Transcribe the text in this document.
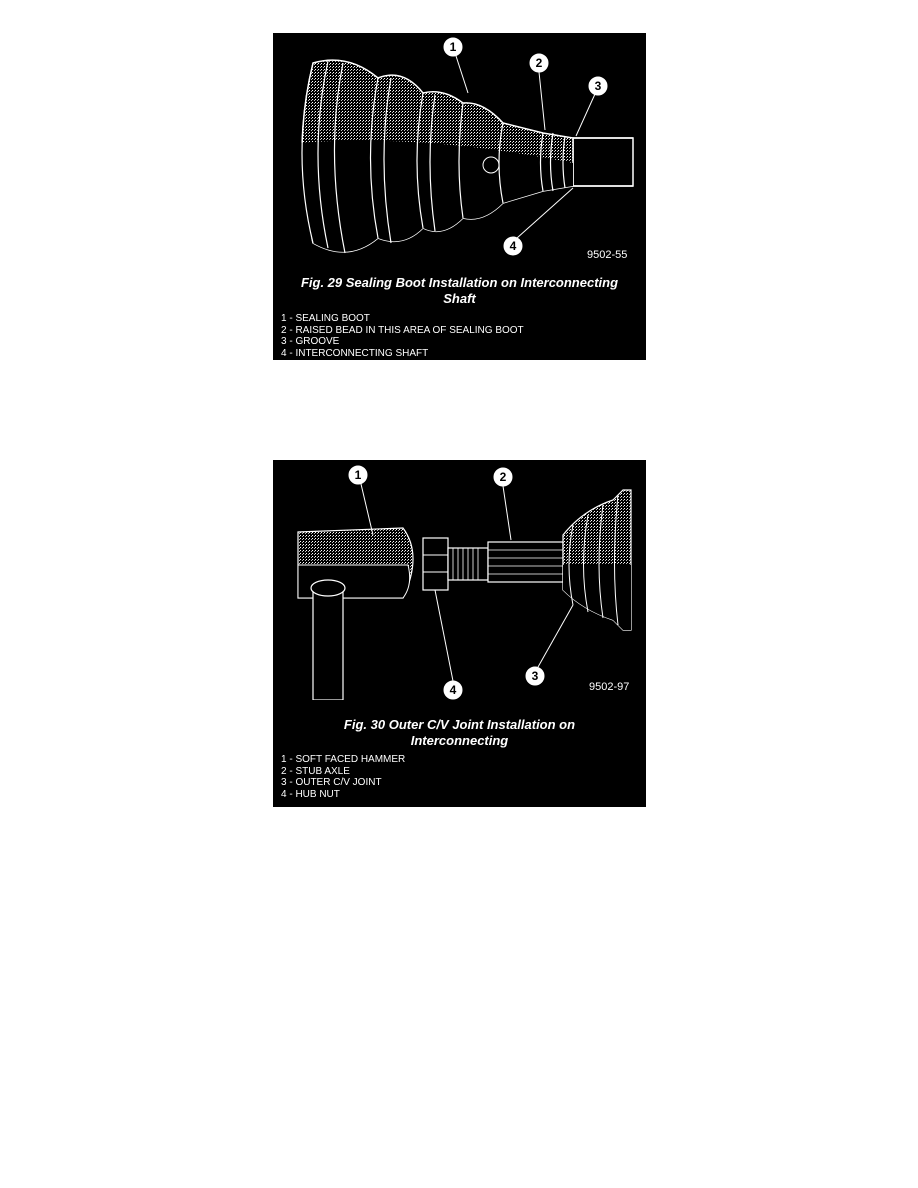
1
2
3
4
9502-55
Fig. 29 Sealing Boot Installation on Interconnecting
Shaft
1 - SEALING BOOT
2 - RAISED BEAD IN THIS AREA OF SEALING BOOT
3 - GROOVE
4 - INTERCONNECTING SHAFT
1	2
3
4	9502-97
Fig. 30 Outer C/V Joint Installation on
Interconnecting
1 - SOFT FACED HAMMER
2 - STUB AXLE
3 - OUTER C/V JOINT
4 - HUB NUT
